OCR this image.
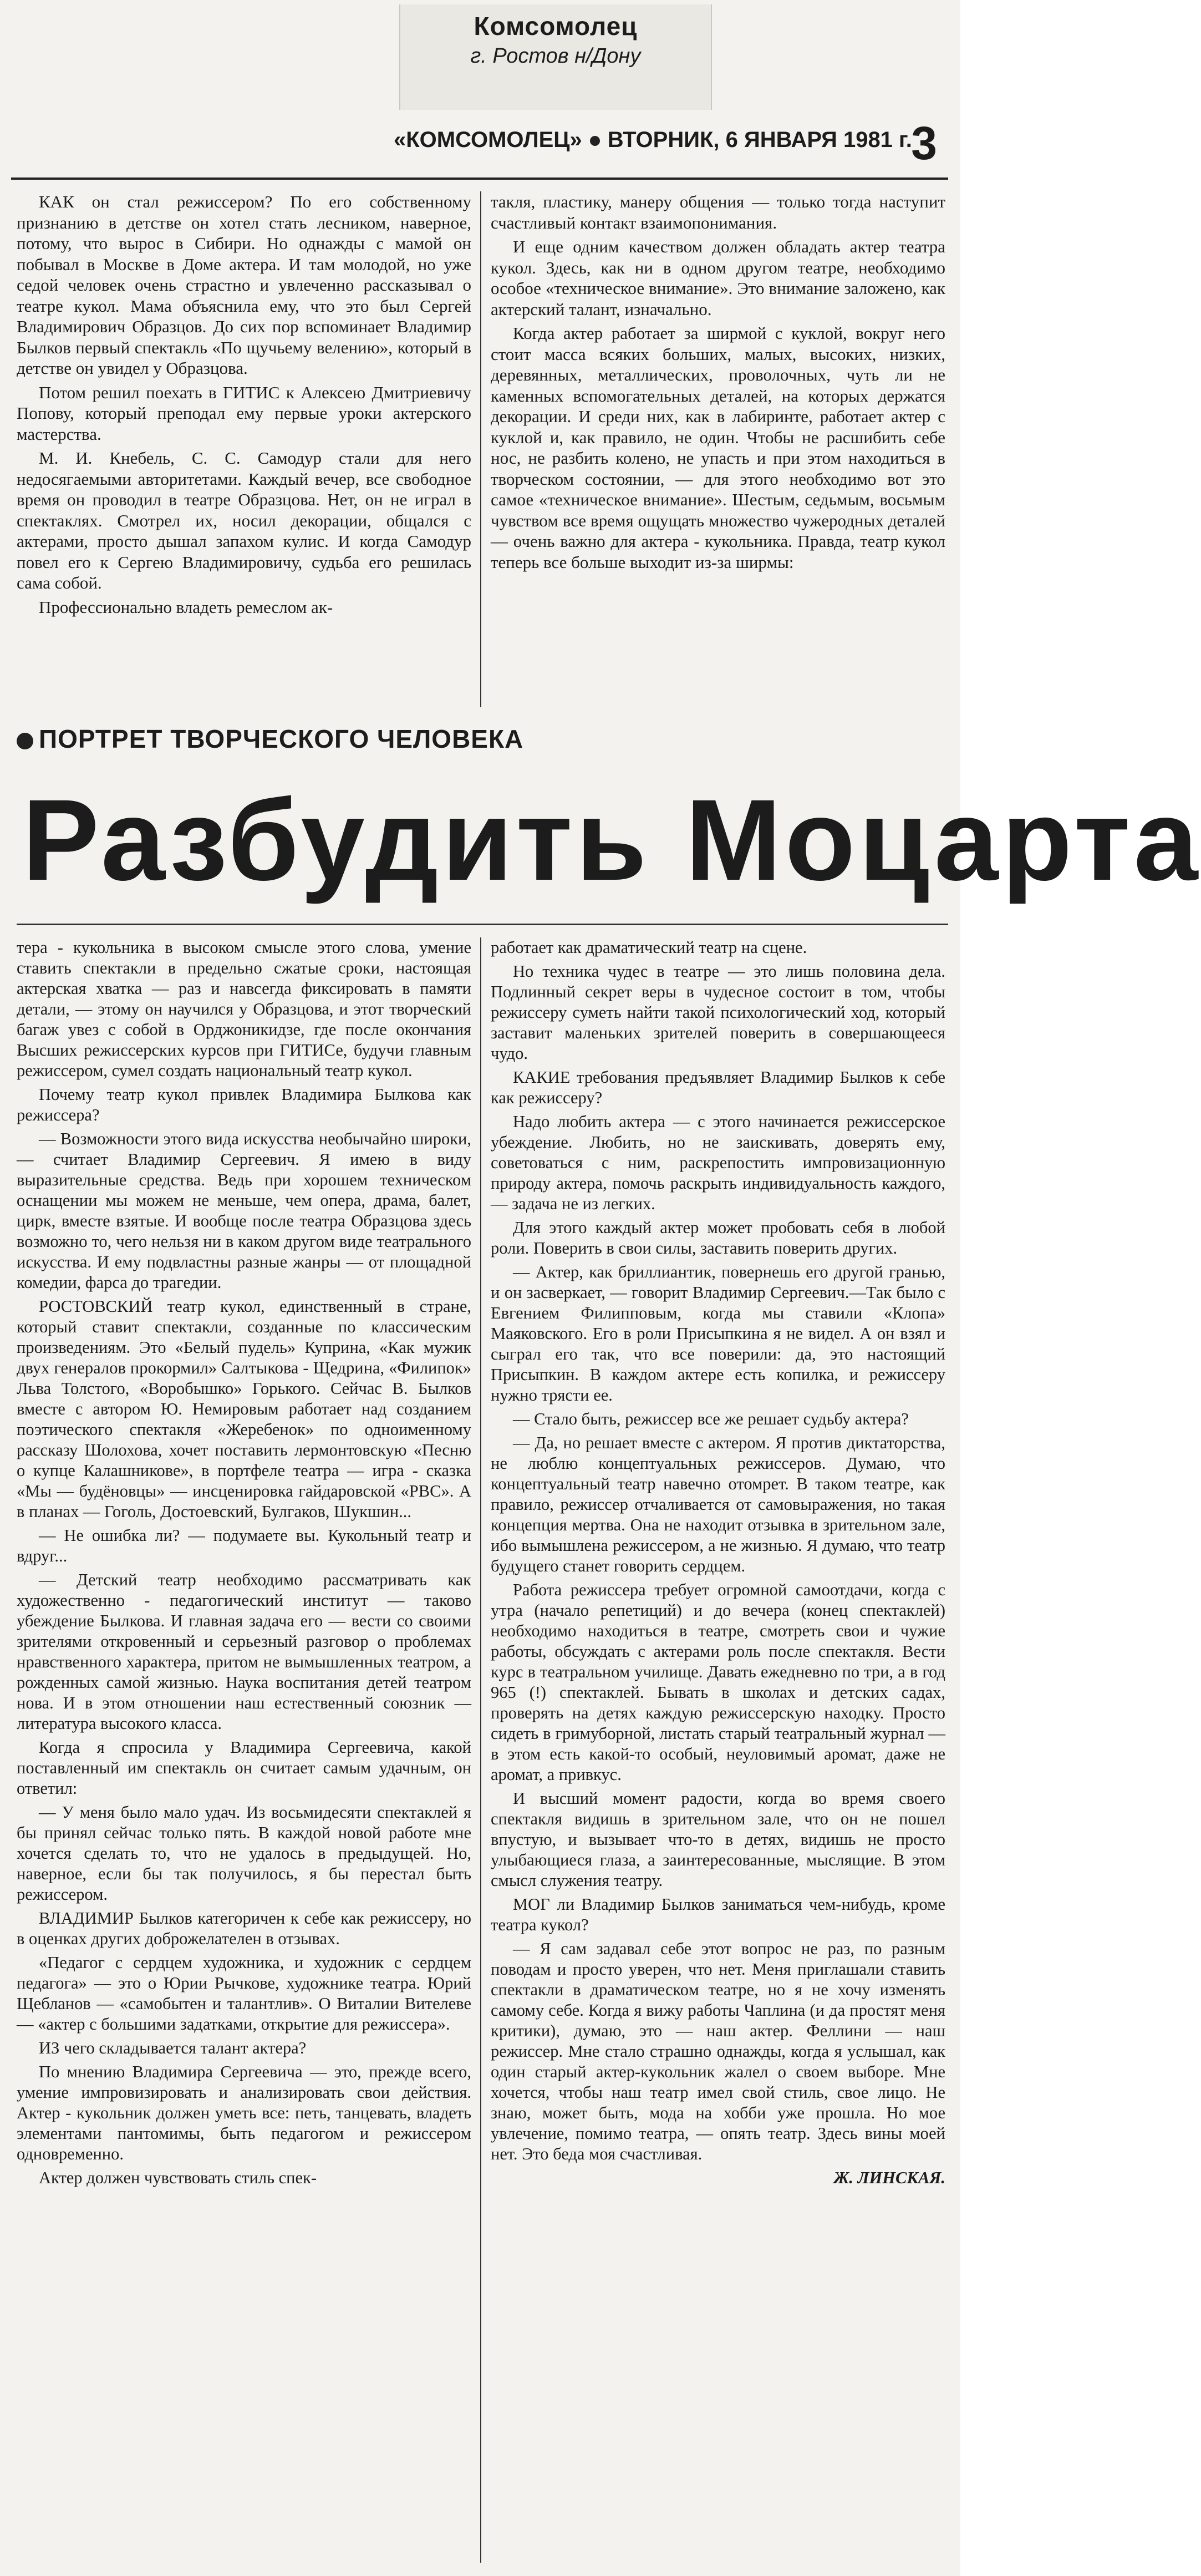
Комсомолец
г. Ростов н/Дону
«КОМСОМОЛЕЦ» ВТОРНИК, 6 ЯНВАРЯ 1981 г.
3

КАК он стал режиссером? По его собственному признанию в детстве он хотел стать лесником, наверное, потому, что вырос в Сибири. Но однажды с мамой он побывал в Москве в Доме актера. И там молодой, но уже седой человек очень страстно и увлеченно рассказывал о театре кукол. Мама объяснила ему, что это был Сергей Владимирович Образцов. До сих пор вспоминает Владимир Былков первый спектакль «По щучьему велению», который в детстве он увидел у Образцова.

Потом решил поехать в ГИТИС к Алексею Дмитриевичу Попову, который преподал ему первые уроки актерского мастерства.

М. И. Кнебель, С. С. Самодур стали для него недосягаемыми авторитетами. Каждый вечер, все свободное время он проводил в театре Образцова. Нет, он не играл в спектаклях. Смотрел их, носил декорации, общался с актерами, просто дышал запахом кулис. И когда Самодур повел его к Сергею Владимировичу, судьба его решилась сама собой.

Профессионально владеть ремеслом ак-

такля, пластику, манеру общения — только тогда наступит счастливый контакт взаимопонимания.

И еще одним качеством должен обладать актер театра кукол. Здесь, как ни в одном другом театре, необходимо особое «техническое внимание». Это внимание заложено, как актерский талант, изначально.

Когда актер работает за ширмой с куклой, вокруг него стоит масса всяких больших, малых, высоких, низких, деревянных, металлических, проволочных, чуть ли не каменных вспомогательных деталей, на которых держатся декорации. И среди них, как в лабиринте, работает актер с куклой и, как правило, не один. Чтобы не расшибить себе нос, не разбить колено, не упасть и при этом находиться в творческом состоянии, — для этого необходимо вот это самое «техническое внимание». Шестым, седьмым, восьмым чувством все время ощущать множество чужеродных деталей — очень важно для актера - кукольника. Правда, театр кукол теперь все больше выходит из-за ширмы:

ПОРТРЕТ ТВОРЧЕСКОГО ЧЕЛОВЕКА
Разбудить Моцарта

тера - кукольника в высоком смысле этого слова, умение ставить спектакли в предельно сжатые сроки, настоящая актерская хватка — раз и навсегда фиксировать в памяти детали, — этому он научился у Образцова, и этот творческий багаж увез с собой в Орджоникидзе, где после окончания Высших режиссерских курсов при ГИТИСе, будучи главным режиссером, сумел создать национальный театр кукол.

Почему театр кукол привлек Владимира Былкова как режиссера?

— Возможности этого вида искусства необычайно широки, — считает Владимир Сергеевич. Я имею в виду выразительные средства. Ведь при хорошем техническом оснащении мы можем не меньше, чем опера, драма, балет, цирк, вместе взятые. И вообще после театра Образцова здесь возможно то, чего нельзя ни в каком другом виде театрального искусства. И ему подвластны разные жанры — от площадной комедии, фарса до трагедии.

РОСТОВСКИЙ театр кукол, единственный в стране, который ставит спектакли, созданные по классическим произведениям. Это «Белый пудель» Куприна, «Как мужик двух генералов прокормил» Салтыкова - Щедрина, «Филипок» Льва Толстого, «Воробышко» Горького. Сейчас В. Былков вместе с автором Ю. Немировым работает над созданием поэтического спектакля «Жеребенок» по одноименному рассказу Шолохова, хочет поставить лермонтовскую «Песню о купце Калашникове», в портфеле театра — игра - сказка «Мы — будёновцы» — инсценировка гайдаровской «РВС». А в планах — Гоголь, Достоевский, Булгаков, Шукшин...

— Не ошибка ли? — подумаете вы. Кукольный театр и вдруг...

— Детский театр необходимо рассматривать как художественно - педагогический институт — таково убеждение Былкова. И главная задача его — вести со своими зрителями откровенный и серьезный разговор о проблемах нравственного характера, притом не вымышленных театром, а рожденных самой жизнью. Наука воспитания детей театром нова. И в этом отношении наш естественный союзник — литература высокого класса.

Когда я спросила у Владимира Сергеевича, какой поставленный им спектакль он считает самым удачным, он ответил:

— У меня было мало удач. Из восьмидесяти спектаклей я бы принял сейчас только пять. В каждой новой работе мне хочется сделать то, что не удалось в предыдущей. Но, наверное, если бы так получилось, я бы перестал быть режиссером.

ВЛАДИМИР Былков категоричен к себе как режиссеру, но в оценках других доброжелателен в отзывах.

«Педагог с сердцем художника, и художник с сердцем педагога» — это о Юрии Рычкове, художнике театра. Юрий Щебланов — «самобытен и талантлив». О Виталии Вителеве — «актер с большими задатками, открытие для режиссера».

ИЗ чего складывается талант актера?

По мнению Владимира Сергеевича — это, прежде всего, умение импровизировать и анализировать свои действия. Актер - кукольник должен уметь все: петь, танцевать, владеть элементами пантомимы, быть педагогом и режиссером одновременно.

Актер должен чувствовать стиль спек-

работает как драматический театр на сцене.

Но техника чудес в театре — это лишь половина дела. Подлинный секрет веры в чудесное состоит в том, чтобы режиссеру суметь найти такой психологический ход, который заставит маленьких зрителей поверить в совершающееся чудо.

КАКИЕ требования предъявляет Владимир Былков к себе как режиссеру?

Надо любить актера — с этого начинается режиссерское убеждение. Любить, но не заискивать, доверять ему, советоваться с ним, раскрепостить импровизационную природу актера, помочь раскрыть индивидуальность каждого, — задача не из легких.

Для этого каждый актер может пробовать себя в любой роли. Поверить в свои силы, заставить поверить других.

— Актер, как бриллиантик, повернешь его другой гранью, и он засверкает, — говорит Владимир Сергеевич.—Так было с Евгением Филипповым, когда мы ставили «Клопа» Маяковского. Его в роли Присыпкина я не видел. А он взял и сыграл его так, что все поверили: да, это настоящий Присыпкин. В каждом актере есть копилка, и режиссеру нужно трясти ее.

— Стало быть, режиссер все же решает судьбу актера?

— Да, но решает вместе с актером. Я против диктаторства, не люблю концептуальных режиссеров. Думаю, что концептуальный театр навечно отомрет. В таком театре, как правило, режиссер отчаливается от самовыражения, но такая концепция мертва. Она не находит отзывка в зрительном зале, ибо вымышлена режиссером, а не жизнью. Я думаю, что театр будущего станет говорить сердцем.

Работа режиссера требует огромной самоотдачи, когда с утра (начало репетиций) и до вечера (конец спектаклей) необходимо находиться в театре, смотреть свои и чужие работы, обсуждать с актерами роль после спектакля. Вести курс в театральном училище. Давать ежедневно по три, а в год 965 (!) спектаклей. Бывать в школах и детских садах, проверять на детях каждую режиссерскую находку. Просто сидеть в гримуборной, листать старый театральный журнал — в этом есть какой-то особый, неуловимый аромат, даже не аромат, а привкус.

И высший момент радости, когда во время своего спектакля видишь в зрительном зале, что он не пошел впустую, и вызывает что-то в детях, видишь не просто улыбающиеся глаза, а заинтересованные, мыслящие. В этом смысл служения театру.

МОГ ли Владимир Былков заниматься чем-нибудь, кроме театра кукол?

— Я сам задавал себе этот вопрос не раз, по разным поводам и просто уверен, что нет. Меня приглашали ставить спектакли в драматическом театре, но я не хочу изменять самому себе. Когда я вижу работы Чаплина (и да простят меня критики), думаю, это — наш актер. Феллини — наш режиссер. Мне стало страшно однажды, когда я услышал, как один старый актер-кукольник жалел о своем выборе. Мне хочется, чтобы наш театр имел свой стиль, свое лицо. Не знаю, может быть, мода на хобби уже прошла. Но мое увлечение, помимо театра, — опять театр. Здесь вины моей нет. Это беда моя счастливая.

Ж. ЛИНСКАЯ.
